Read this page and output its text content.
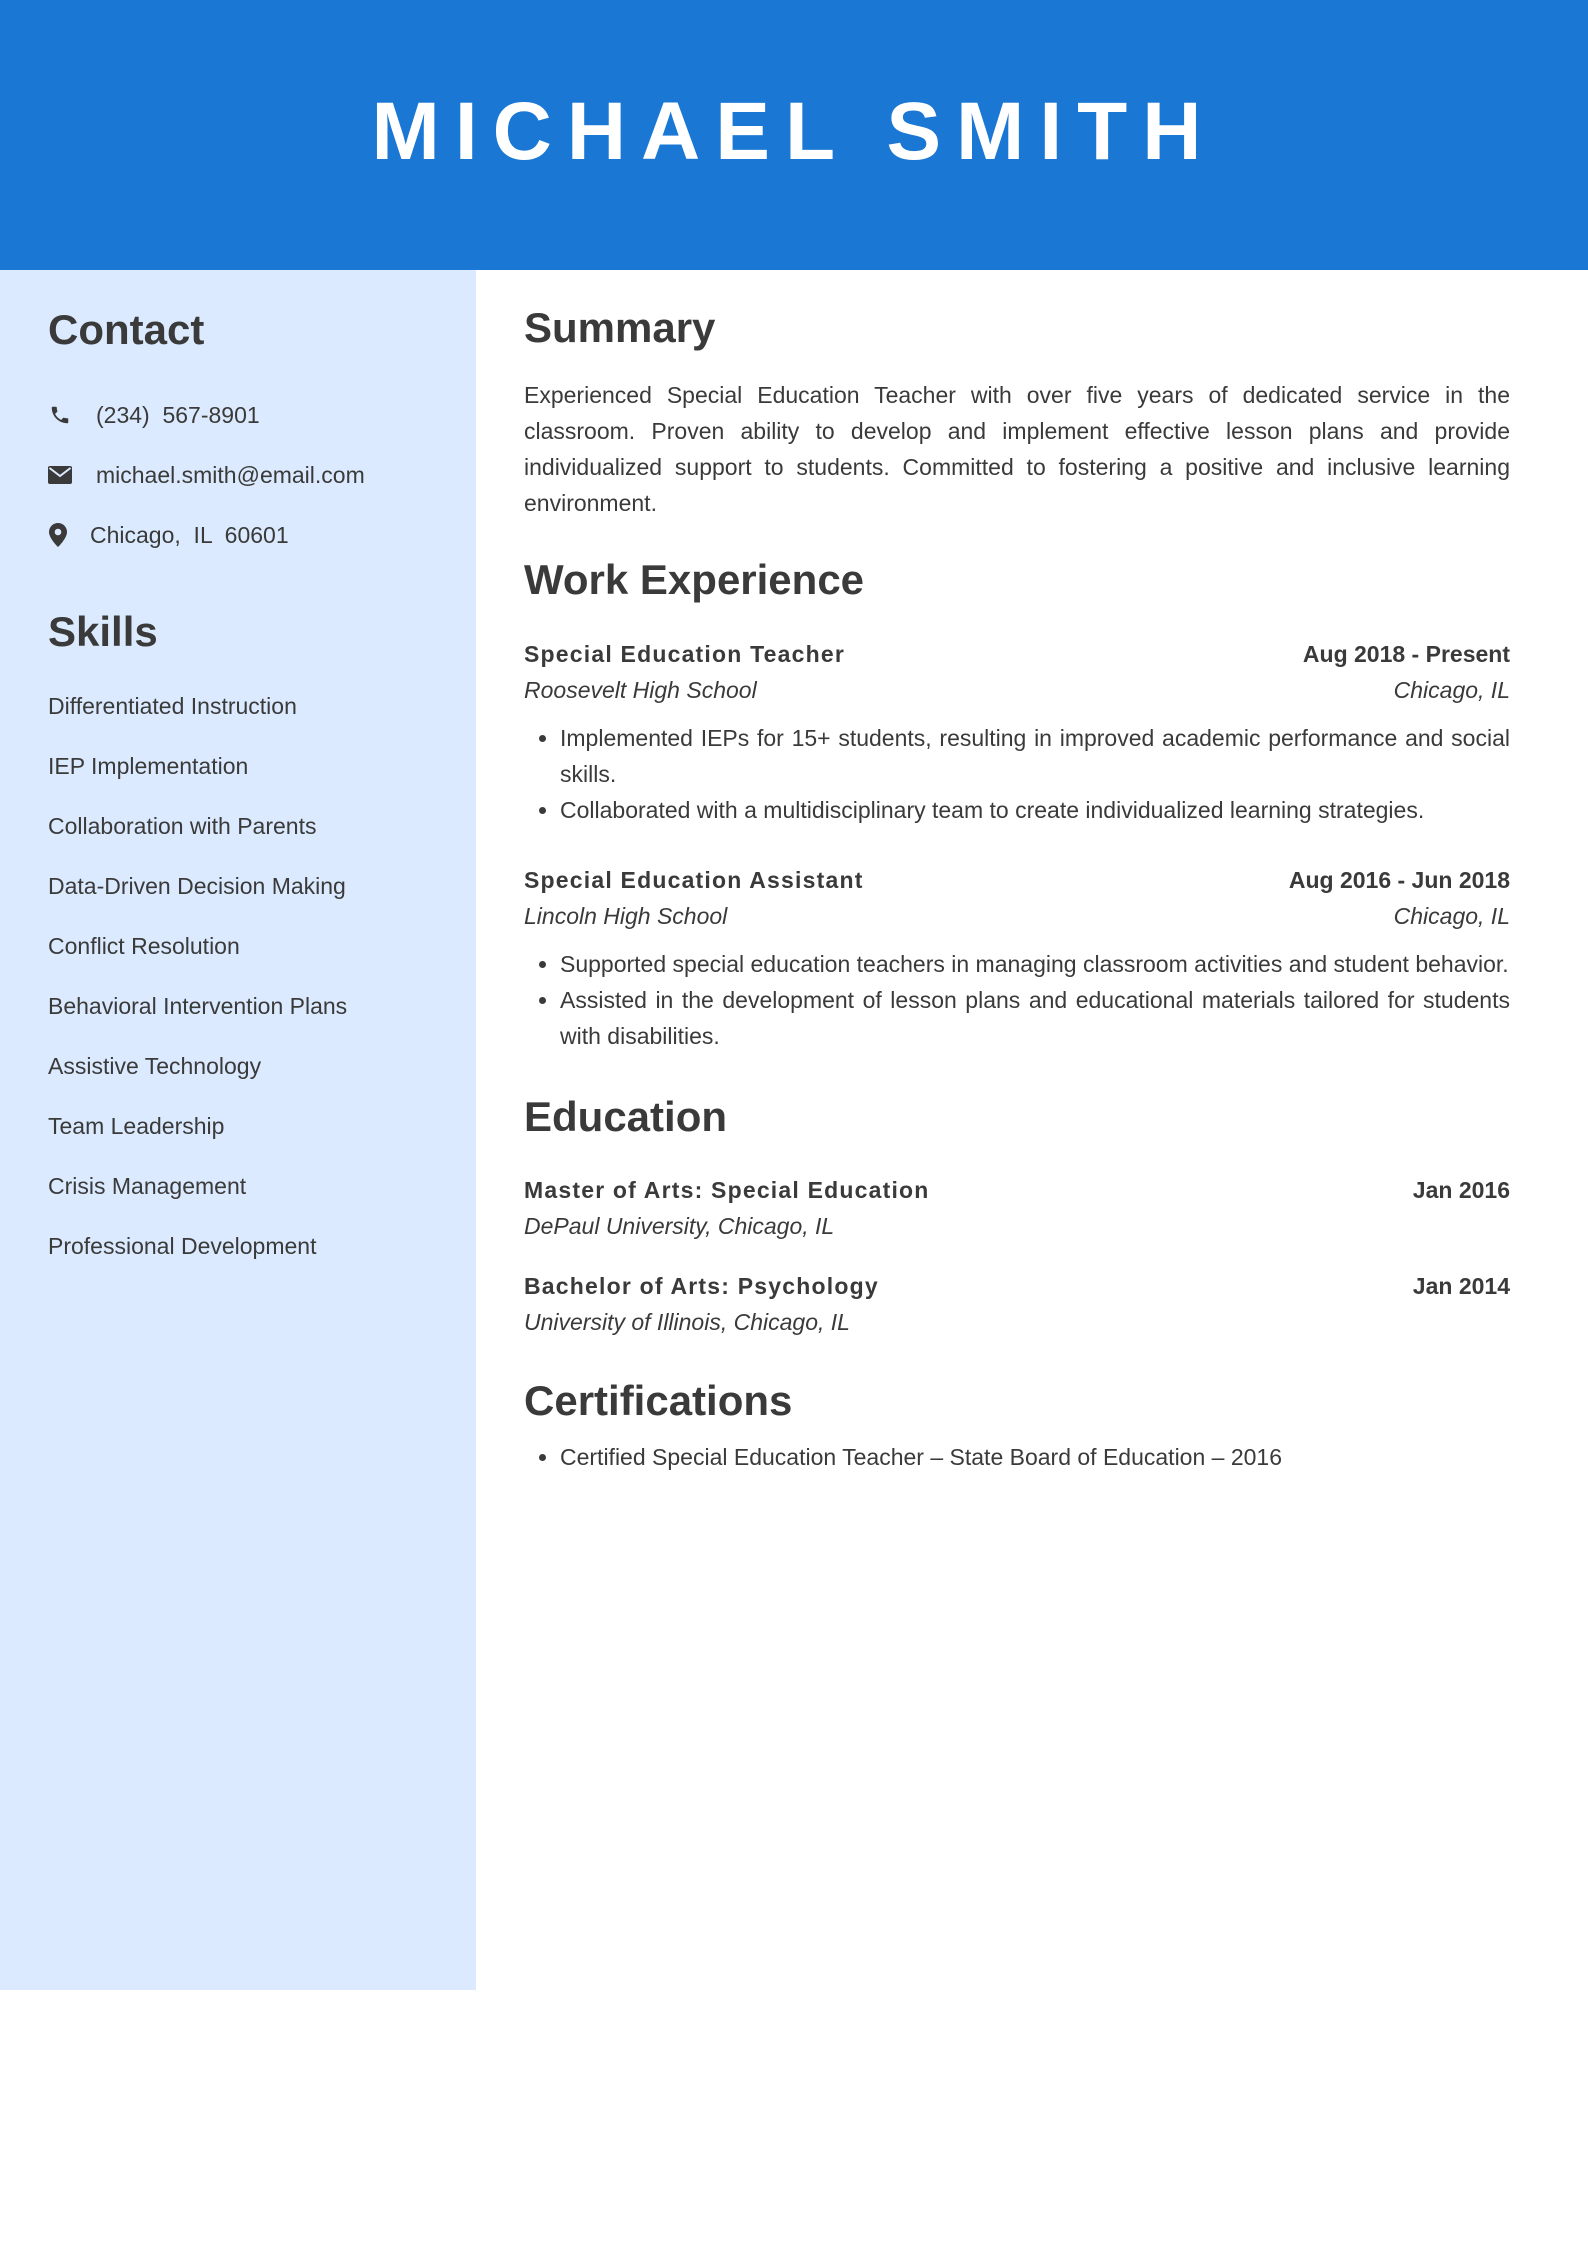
MICHAEL SMITH
Contact
(234)  567-8901
michael.smith@email.com
Chicago,  IL  60601
Skills
Differentiated Instruction
IEP Implementation
Collaboration with Parents
Data-Driven Decision Making
Conflict Resolution
Behavioral Intervention Plans
Assistive Technology
Team Leadership
Crisis Management
Professional Development
Summary

Experienced Special Education Teacher with over five years of dedicated service in the classroom. Proven ability to develop and implement effective lesson plans and provide individualized support to students. Committed to fostering a positive and inclusive learning environment.

Work Experience
Special Education Teacher	Aug 2018 - Present
Roosevelt High School	Chicago, IL
• Implemented IEPs for 15+ students, resulting in improved academic performance and social skills.
• Collaborated with a multidisciplinary team to create individualized learning strategies.
Special Education Assistant	Aug 2016 - Jun 2018
Lincoln High School	Chicago, IL
• Supported special education teachers in managing classroom activities and student behavior.
• Assisted in the development of lesson plans and educational materials tailored for students with disabilities.
Education
Master of Arts: Special Education	Jan 2016
DePaul University, Chicago, IL
Bachelor of Arts: Psychology	Jan 2014
University of Illinois, Chicago, IL
Certifications
• Certified Special Education Teacher – State Board of Education – 2016
